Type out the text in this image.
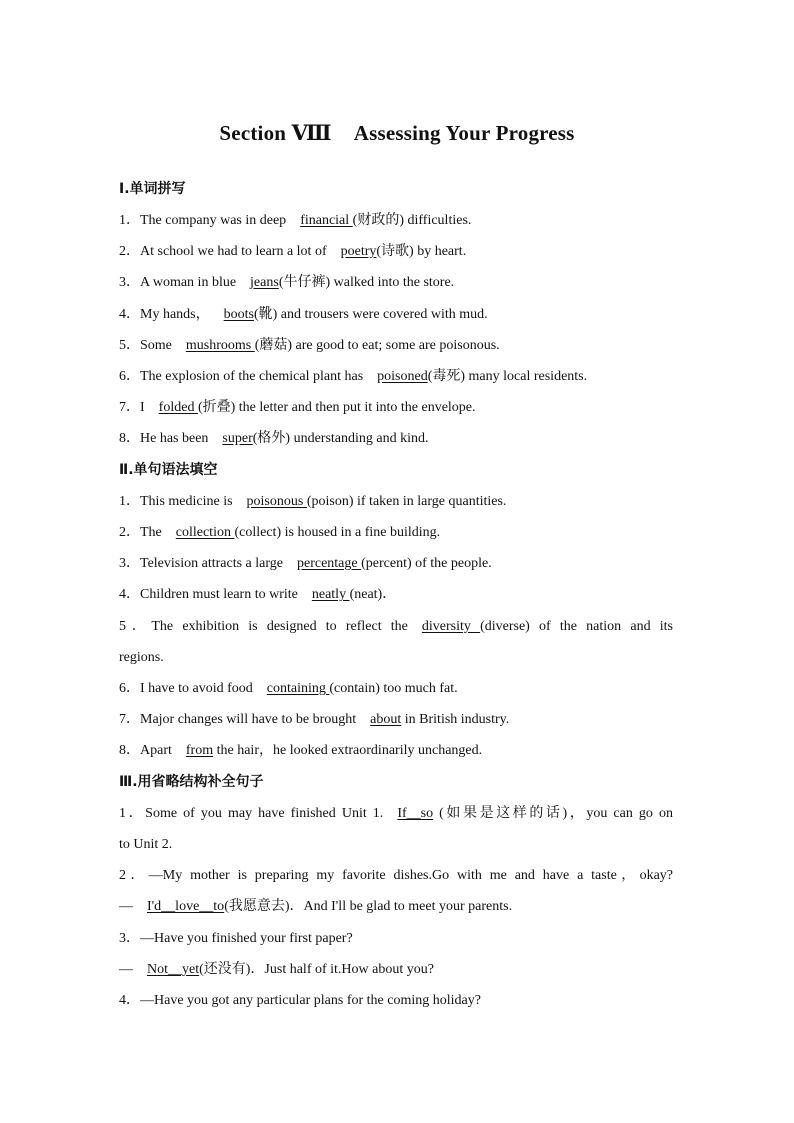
Section Ⅷ Assessing Your Progress
Ⅰ.单词拼写
1．The company was in deep financial (财政的) difficulties.
2．At school we had to learn a lot of poetry(诗歌) by heart.
3．A woman in blue jeans(牛仔裤) walked into the store.
4．My hands， boots(靴) and trousers were covered with mud.
5．Some mushrooms (蘑菇) are good to eat; some are poisonous.
6．The explosion of the chemical plant has poisoned(毒死) many local residents.
7．I folded (折叠) the letter and then put it into the envelope.
8．He has been super(格外) understanding and kind.
Ⅱ.单句语法填空
1．This medicine is poisonous (poison) if taken in large quantities.
2．The collection (collect) is housed in a fine building.
3．Television attracts a large percentage (percent) of the people.
4．Children must learn to write neatly (neat)．
5．The exhibition is designed to reflect the diversity (diverse) of the nation and its
regions.
6．I have to avoid food containing (contain) too much fat.
7．Major changes will have to be brought about in British industry.
8．Apart from the hair，he looked extraordinarily unchanged.
Ⅲ.用省略结构补全句子
1．Some of you may have finished Unit 1. If__so (如果是这样的话)，you can go on
to Unit 2.
2．—My mother is preparing my favorite dishes.Go with me and have a taste，okay?
— I'd__love__to(我愿意去)．And I'll be glad to meet your parents.
3．—Have you finished your first paper?
— Not__yet(还没有)．Just half of it.How about you?
4．—Have you got any particular plans for the coming holiday?
